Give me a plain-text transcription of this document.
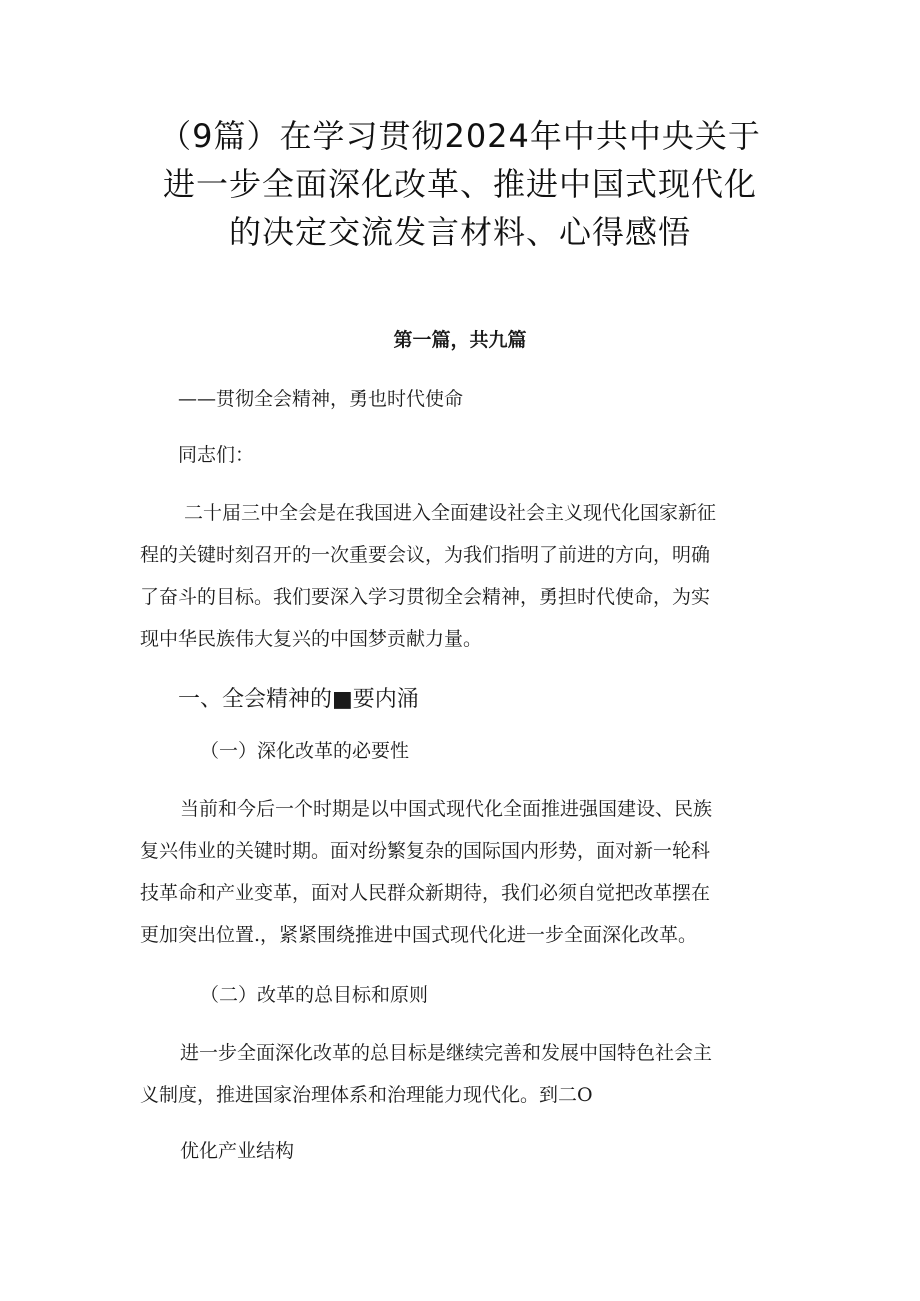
（9篇）在学习贯彻2024年中共中央关于
进一步全面深化改革、推进中国式现代化
的决定交流发言材料、心得感悟
第一篇，共九篇
——贯彻全会精神，勇也时代使命
同志们：
二十届三中全会是在我国进入全面建设社会主义现代化国家新征
程的关键时刻召开的一次重要会议，为我们指明了前进的方向，明确
了奋斗的目标。我们要深入学习贯彻全会精神，勇担时代使命，为实
现中华民族伟大复兴的中国梦贡献力量。
一、全会精神的■要内涌
（一）深化改革的必要性
当前和今后一个时期是以中国式现代化全面推进强国建设、民族
复兴伟业的关键时期。面对纷繁复杂的国际国内形势，面对新一轮科
技革命和产业变革，面对人民群众新期待，我们必须自觉把改革摆在
更加突出位置.，紧紧围绕推进中国式现代化进一步全面深化改革。
（二）改革的总目标和原则
进一步全面深化改革的总目标是继续完善和发展中国特色社会主
义制度，推进国家治理体系和治理能力现代化。到二O
优化产业结构
